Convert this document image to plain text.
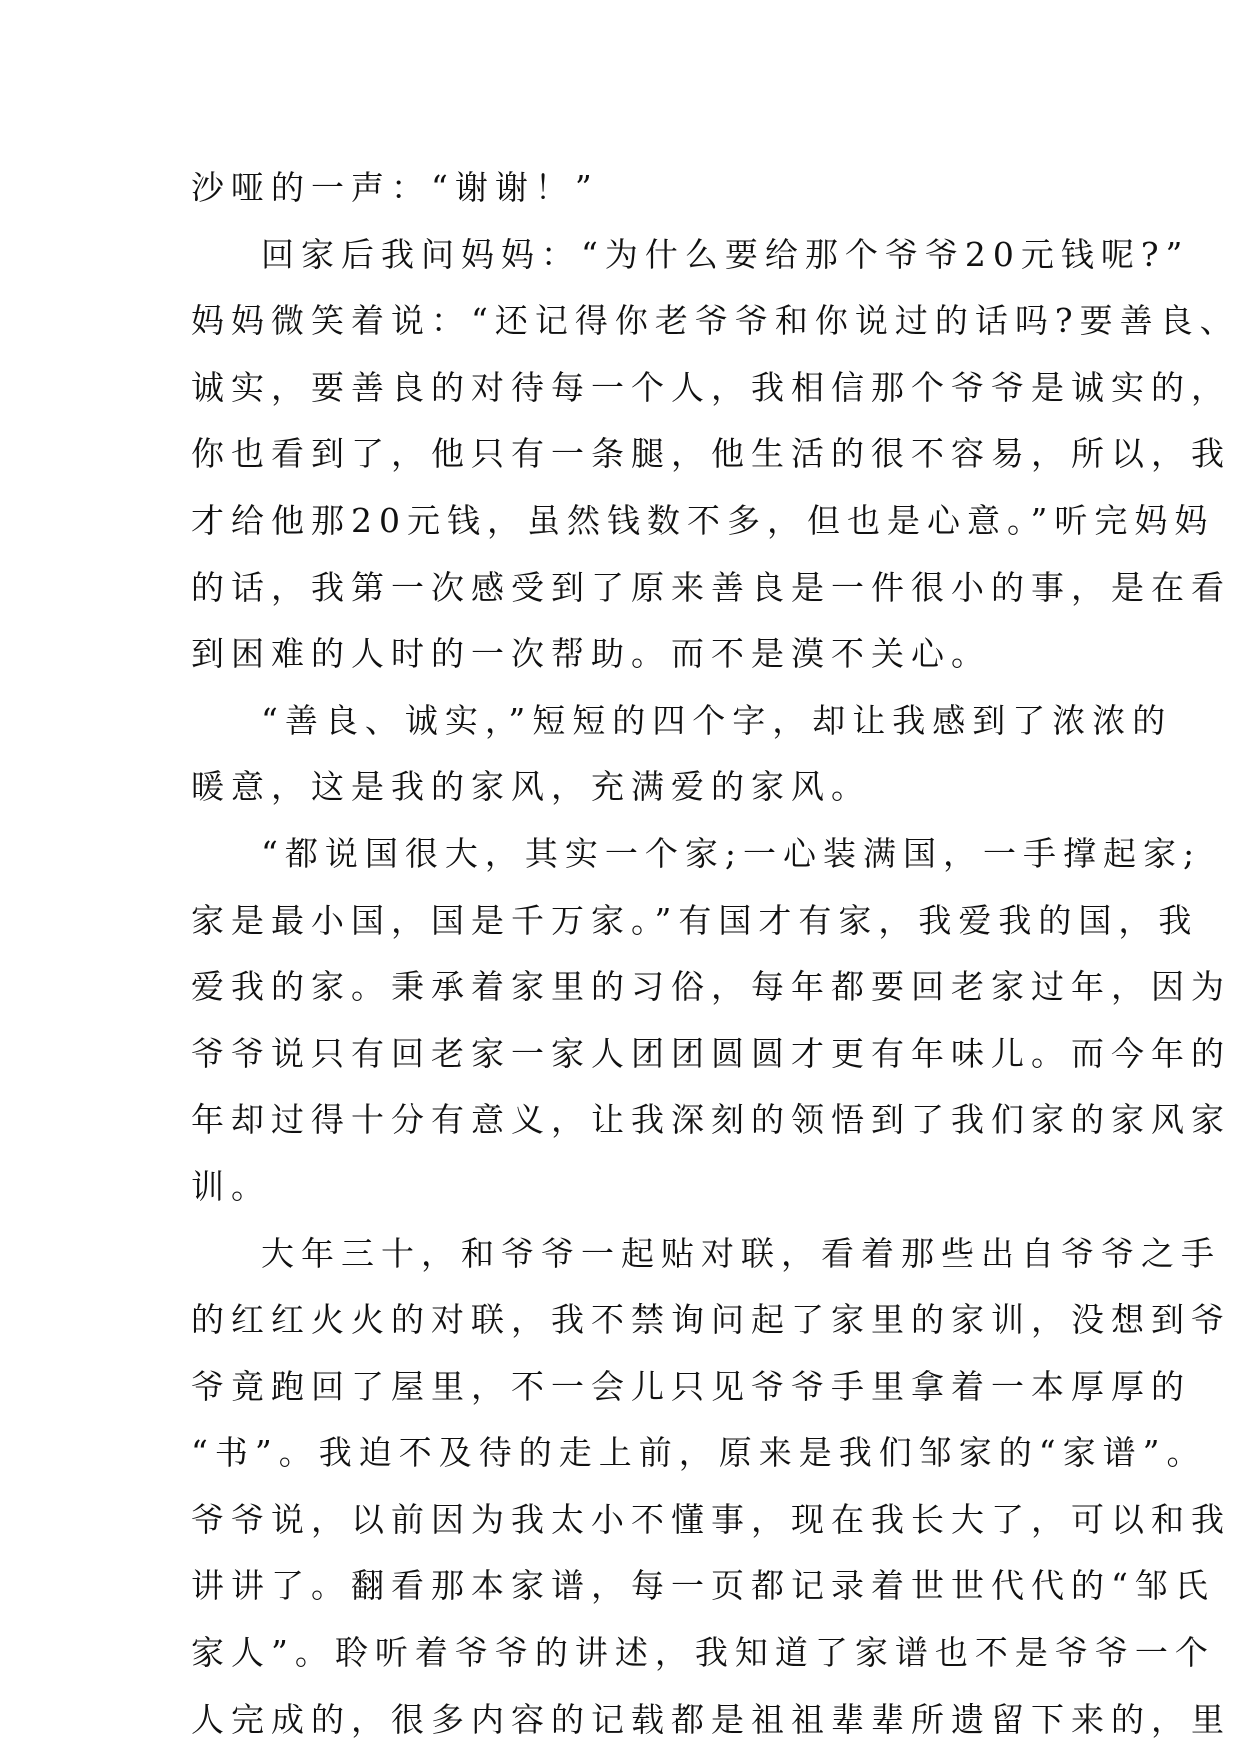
沙哑的一声：“谢谢！”
回家后我问妈妈：“为什么要给那个爷爷20元钱呢?”
妈妈微笑着说：“还记得你老爷爷和你说过的话吗?要善良、
诚实，要善良的对待每一个人，我相信那个爷爷是诚实的，
你也看到了，他只有一条腿，他生活的很不容易，所以，我
才给他那20元钱，虽然钱数不多，但也是心意。”听完妈妈
的话，我第一次感受到了原来善良是一件很小的事，是在看
到困难的人时的一次帮助。而不是漠不关心。
“善良、诚实，”短短的四个字，却让我感到了浓浓的
暖意，这是我的家风，充满爱的家风。
“都说国很大，其实一个家;一心装满国，一手撑起家;
家是最小国，国是千万家。”有国才有家，我爱我的国，我
爱我的家。秉承着家里的习俗，每年都要回老家过年，因为
爷爷说只有回老家一家人团团圆圆才更有年味儿。而今年的
年却过得十分有意义，让我深刻的领悟到了我们家的家风家
训。
大年三十，和爷爷一起贴对联，看着那些出自爷爷之手
的红红火火的对联，我不禁询问起了家里的家训，没想到爷
爷竟跑回了屋里，不一会儿只见爷爷手里拿着一本厚厚的
“书”。我迫不及待的走上前，原来是我们邹家的“家谱”。
爷爷说，以前因为我太小不懂事，现在我长大了，可以和我
讲讲了。翻看那本家谱，每一页都记录着世世代代的“邹氏
家人”。聆听着爷爷的讲述，我知道了家谱也不是爷爷一个
人完成的，很多内容的记载都是祖祖辈辈所遗留下来的，里
